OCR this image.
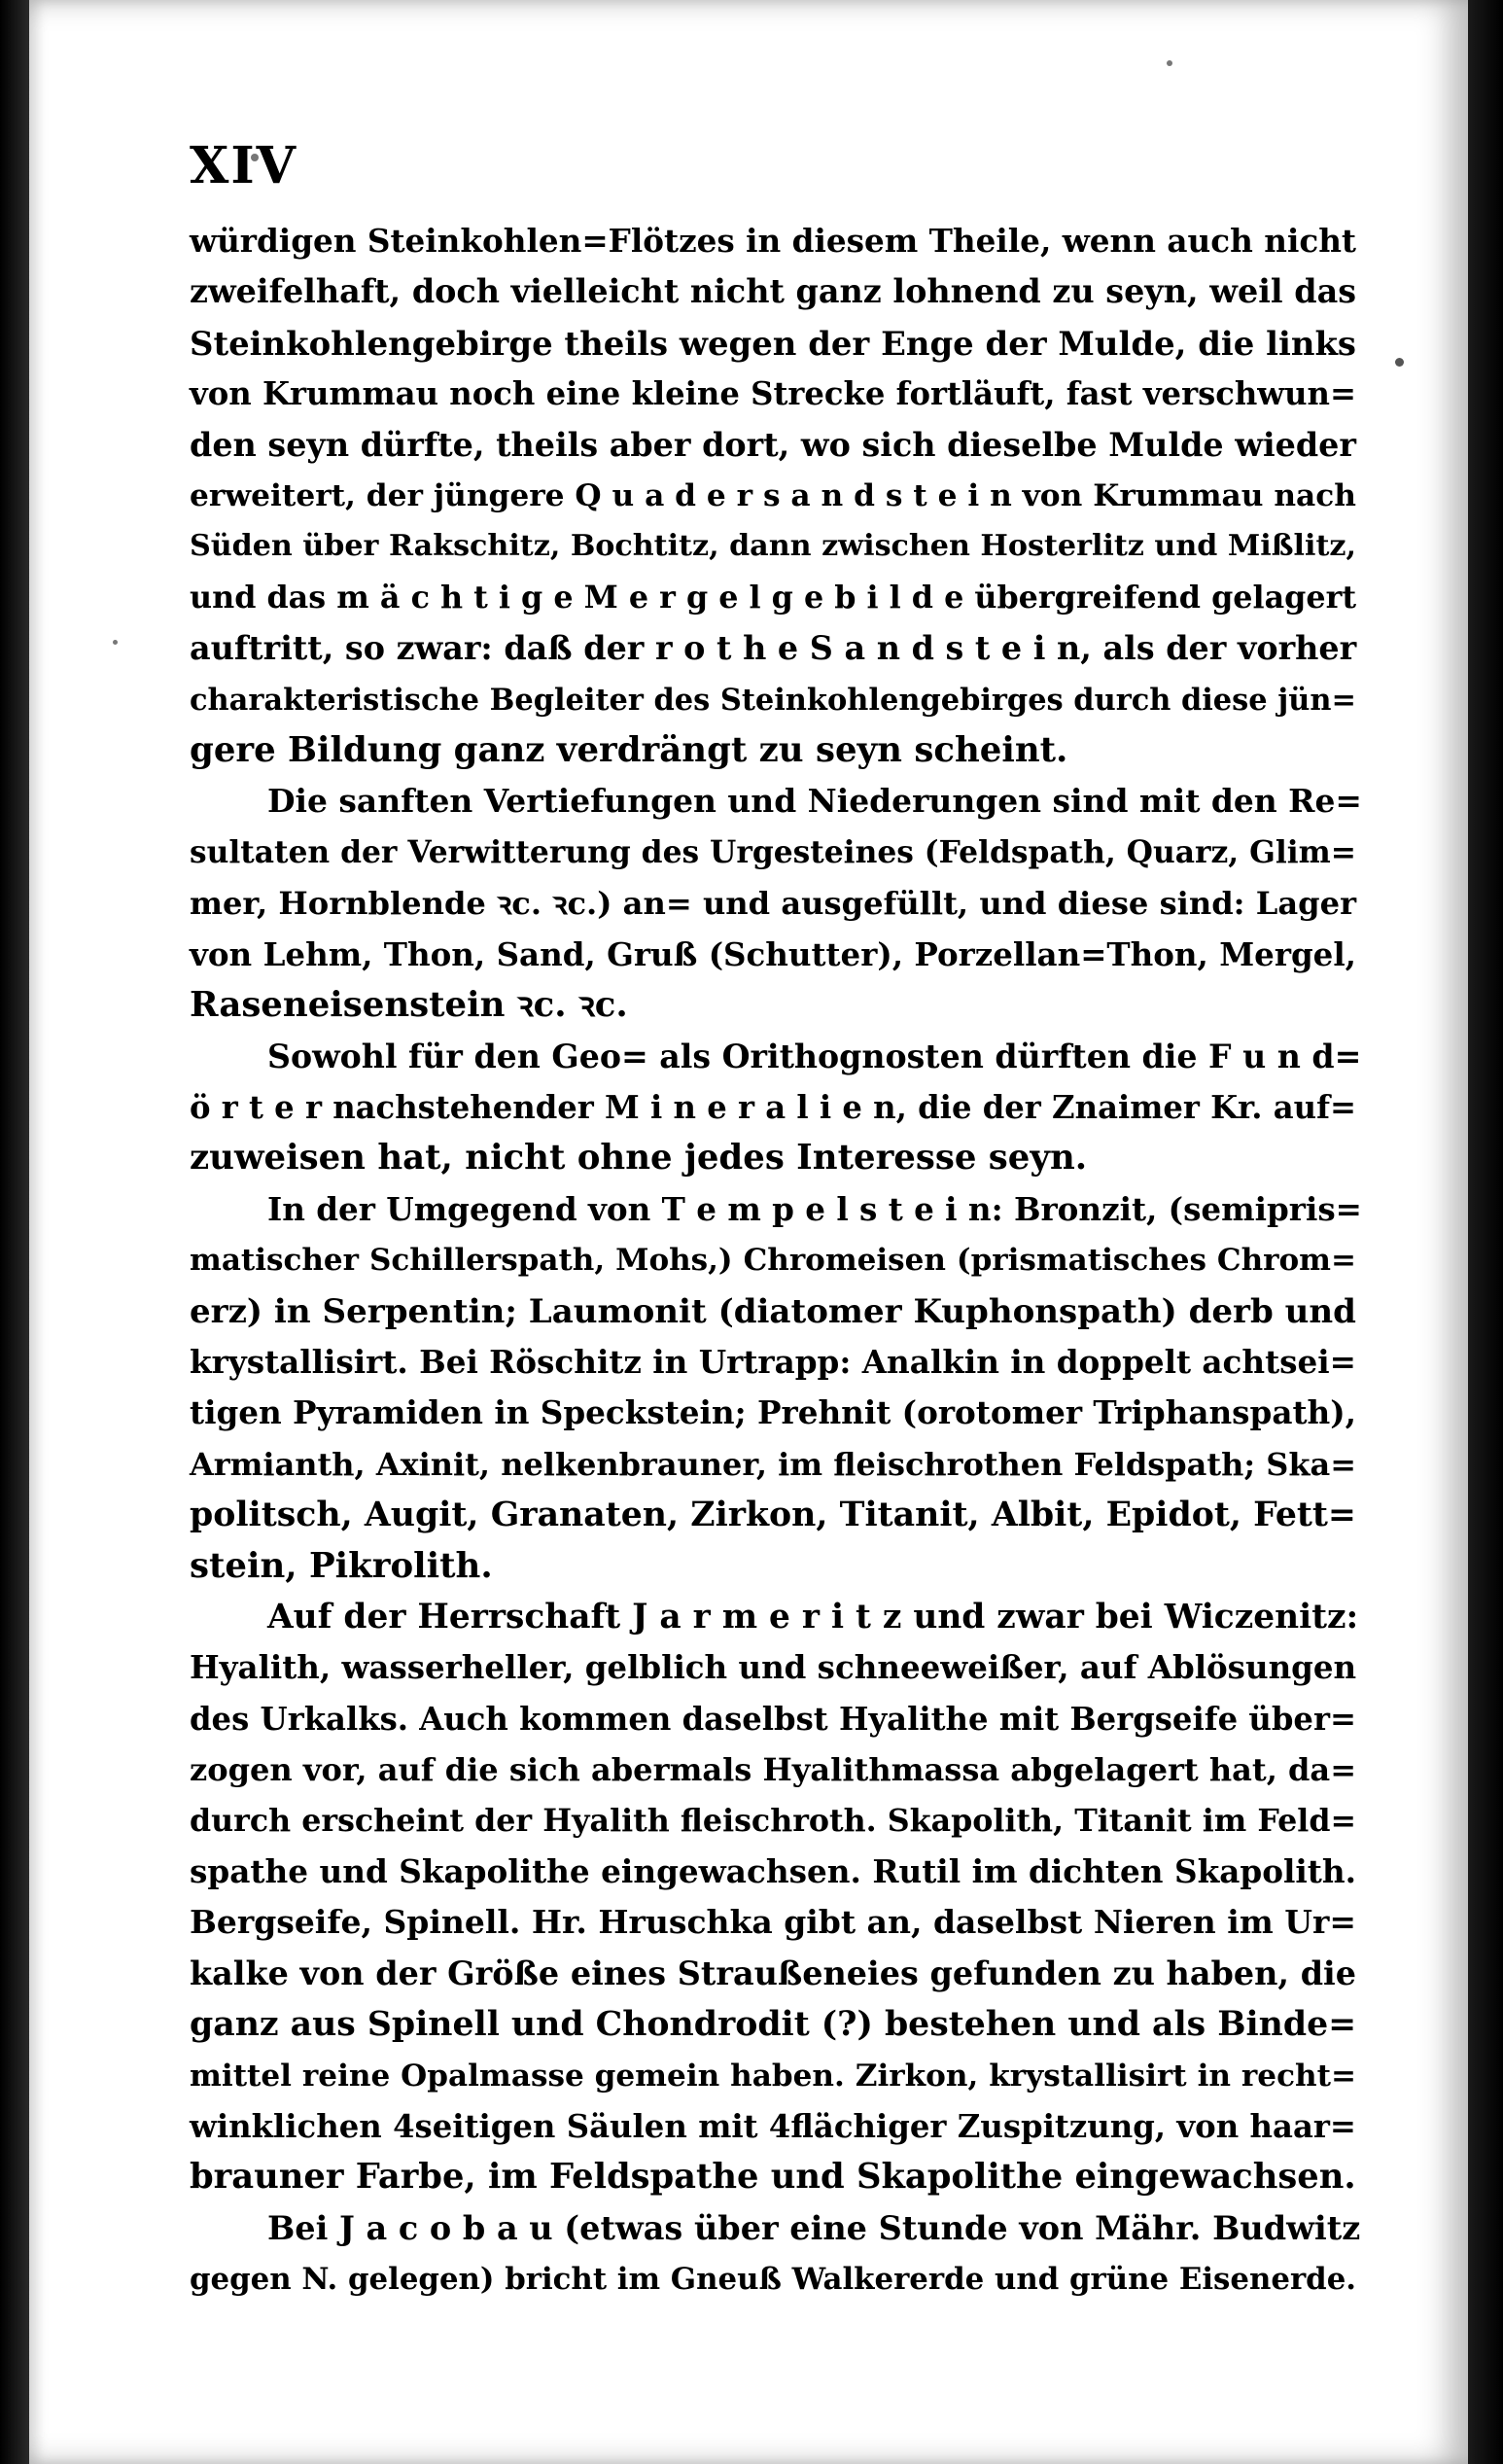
XIV

würdigen Steinkohlen=Flötzes in diesem Theile, wenn auch nicht
zweifelhaft, doch vielleicht nicht ganz lohnend zu seyn, weil das
Steinkohlengebirge theils wegen der Enge der Mulde, die links
von Krummau noch eine kleine Strecke fortläuft, fast verschwun=
den seyn dürfte, theils aber dort, wo sich dieselbe Mulde wieder
erweitert, der jüngere Q u a d e r s a n d s t e i n von Krummau nach
Süden über Rakschitz, Bochtitz, dann zwischen Hosterlitz und Mißlitz,
und das m ä c h t i g e M e r g e l g e b i l d e übergreifend gelagert
auftritt, so zwar: daß der r o t h e S a n d s t e i n, als der vorher
charakteristische Begleiter des Steinkohlengebirges durch diese jün=
gere Bildung ganz verdrängt zu seyn scheint.

Die sanften Vertiefungen und Niederungen sind mit den Re=
sultaten der Verwitterung des Urgesteines (Feldspath, Quarz, Glim=
mer, Hornblende ꝛc. ꝛc.) an= und ausgefüllt, und diese sind: Lager
von Lehm, Thon, Sand, Gruß (Schutter), Porzellan=Thon, Mergel,
Raseneisenstein ꝛc. ꝛc.

Sowohl für den Geo= als Orithognosten dürften die F u n d=
ö r t e r nachstehender M i n e r a l i e n, die der Znaimer Kr. auf=
zuweisen hat, nicht ohne jedes Interesse seyn.

In der Umgegend von T e m p e l s t e i n: Bronzit, (semipris=
matischer Schillerspath, Mohs,) Chromeisen (prismatisches Chrom=
erz) in Serpentin; Laumonit (diatomer Kuphonspath) derb und
krystallisirt. Bei Röschitz in Urtrapp: Analkin in doppelt achtsei=
tigen Pyramiden in Speckstein; Prehnit (orotomer Triphanspath),
Armianth, Axinit, nelkenbrauner, im fleischrothen Feldspath; Ska=
politsch, Augit, Granaten, Zirkon, Titanit, Albit, Epidot, Fett=
stein, Pikrolith.

Auf der Herrschaft J a r m e r i t z und zwar bei Wiczenitz:
Hyalith, wasserheller, gelblich und schneeweißer, auf Ablösungen
des Urkalks. Auch kommen daselbst Hyalithe mit Bergseife über=
zogen vor, auf die sich abermals Hyalithmassa abgelagert hat, da=
durch erscheint der Hyalith fleischroth. Skapolith, Titanit im Feld=
spathe und Skapolithe eingewachsen. Rutil im dichten Skapolith.
Bergseife, Spinell. Hr. Hruschka gibt an, daselbst Nieren im Ur=
kalke von der Größe eines Straußeneies gefunden zu haben, die
ganz aus Spinell und Chondrodit (?) bestehen und als Binde=
mittel reine Opalmasse gemein haben. Zirkon, krystallisirt in recht=
winklichen 4seitigen Säulen mit 4flächiger Zuspitzung, von haar=
brauner Farbe, im Feldspathe und Skapolithe eingewachsen.

Bei J a c o b a u (etwas über eine Stunde von Mähr. Budwitz
gegen N. gelegen) bricht im Gneuß Walkererde und grüne Eisenerde.
